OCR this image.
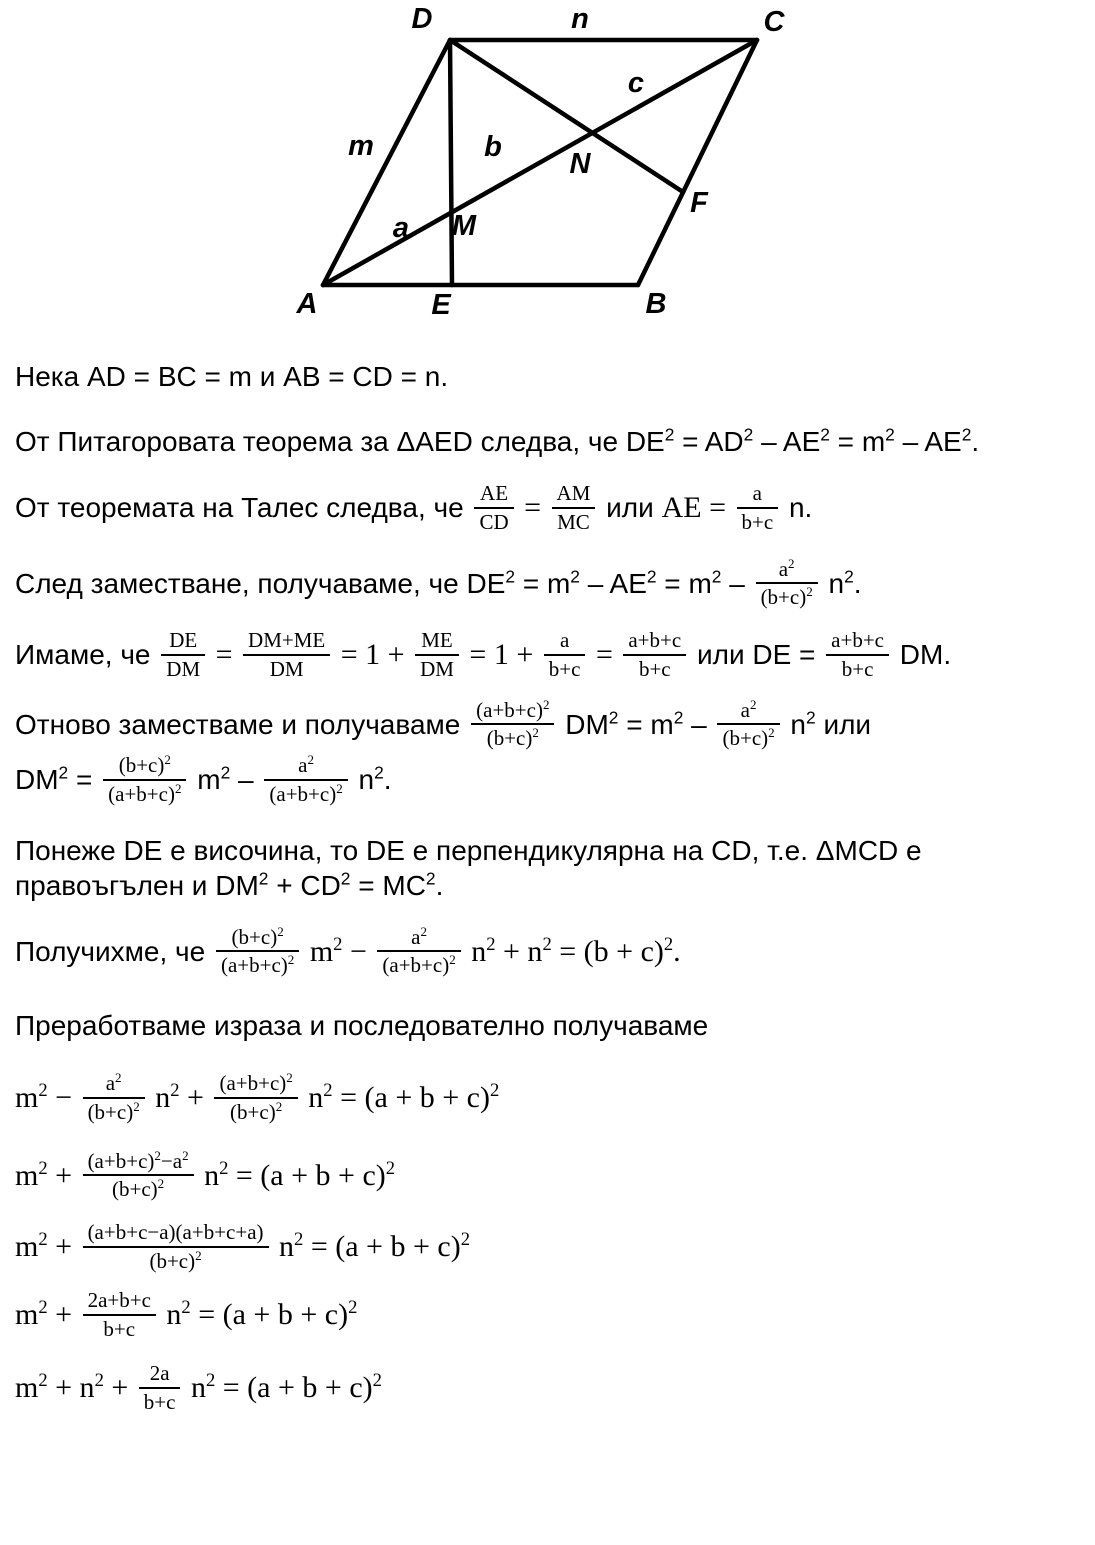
D	n	C
c
m	b
N
F
a M
A	E	B
Нека AD = BC = m и AB = CD = n.
От Питагоровата теорема за ΔAED следва, че $DE^2 = AD^2 - AE^2 = m^2 - AE^2$.
От теоремата на Талес следва, че $\frac{AE}{CD} = \frac{AM}{MC}$ или AE = $\frac{a}{b+c} n$.
След заместване, получаваме, че $DE^2 = m^2 - AE^2 = m^2 - \frac{a^2}{(b+c)^2} n^2$.
Имаме, че $\frac{DE}{DM} = \frac{DM+ME}{DM} = 1 + \frac{ME}{DM} = 1 + \frac{a}{b+c} = \frac{a+b+c}{b+c}$ или DE = $\frac{a+b+c}{b+c}$ DM.
Отново заместваме и получаваме $\frac{(a+b+c)^2}{(b+c)^2} DM^2 = m^2 - \frac{a^2}{(b+c)^2} n^2$ или
$DM^2 = \frac{(b+c)^2}{(a+b+c)^2} m^2 - \frac{a^2}{(a+b+c)^2} n^2$.
Понеже DE е височина, то DE е перпендикулярна на CD, т.е. ΔMCD е правоъгълен и $DM^2 + CD^2 = MC^2$.
Получихме, че $\frac{(b+c)^2}{(a+b+c)^2} m^2 - \frac{a^2}{(a+b+c)^2} n^2 + n^2 = (b + c)^2$.
Преработваме израза и последователно получаваме
$m^2 - \frac{a^2}{(b+c)^2} n^2 + \frac{(a+b+c)^2}{(b+c)^2} n^2 = (a + b + c)^2$
$m^2 + \frac{(a+b+c)^2-a^2}{(b+c)^2} n^2 = (a + b + c)^2$
$m^2 + \frac{(a+b+c-a)(a+b+c+a)}{(b+c)^2} n^2 = (a + b + c)^2$
$m^2 + \frac{2a+b+c}{b+c} n^2 = (a + b + c)^2$
$m^2 + n^2 + \frac{2a}{b+c} n^2 = (a + b + c)^2$
